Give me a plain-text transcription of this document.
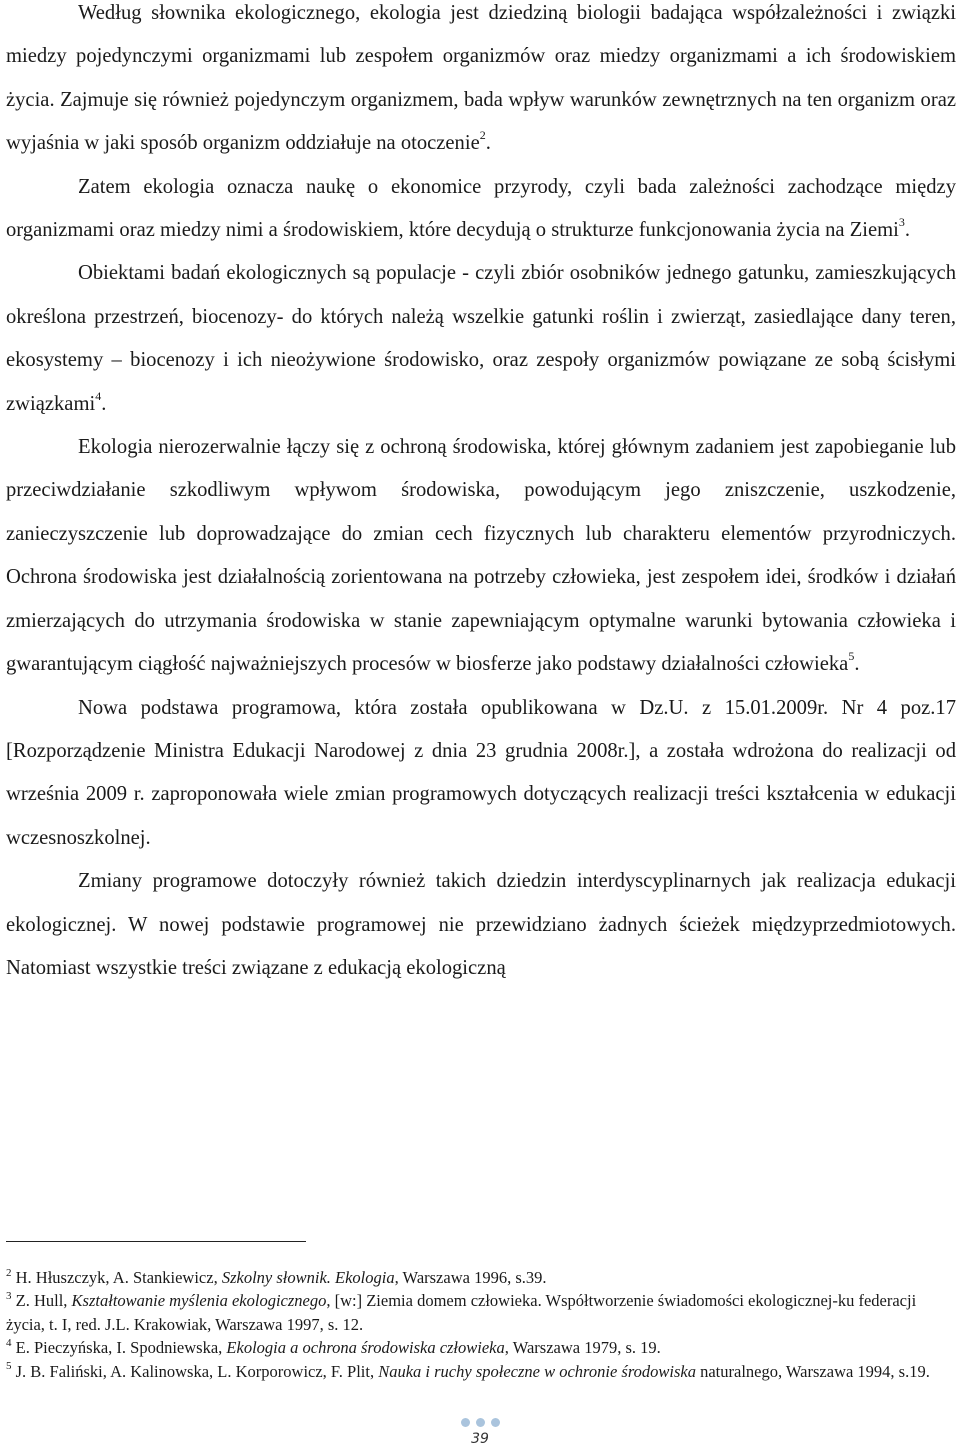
Według słownika ekologicznego, ekologia jest dziedziną biologii badająca współzależności i związki miedzy pojedynczymi organizmami lub zespołem organizmów oraz miedzy organizmami a ich środowiskiem życia. Zajmuje się również pojedynczym organizmem, bada wpływ warunków zewnętrznych na ten organizm oraz wyjaśnia w jaki sposób organizm oddziałuje na otoczenie$^2$.

Zatem ekologia oznacza naukę o ekonomice przyrody, czyli bada zależności zachodzące między organizmami oraz miedzy nimi a środowiskiem, które decydują o strukturze funkcjonowania życia na Ziemi$^3$.

Obiektami badań ekologicznych są populacje - czyli zbiór osobników jednego gatunku, zamieszkujących określona przestrzeń, biocenozy- do których należą wszelkie gatunki roślin i zwierząt, zasiedlające dany teren, ekosystemy – biocenozy i ich nieożywione środowisko, oraz zespoły organizmów powiązane ze sobą ścisłymi związkami$^4$.

Ekologia nierozerwalnie łączy się z ochroną środowiska, której głównym zadaniem jest zapobieganie lub przeciwdziałanie szkodliwym wpływom środowiska, powodującym jego zniszczenie, uszkodzenie, zanieczyszczenie lub doprowadzające do zmian cech fizycznych lub charakteru elementów przyrodniczych. Ochrona środowiska jest działalnością zorientowana na potrzeby człowieka, jest zespołem idei, środków i działań zmierzających do utrzymania środowiska w stanie zapewniającym optymalne warunki bytowania człowieka i gwarantującym ciągłość najważniejszych procesów w biosferze jako podstawy działalności człowieka$^5$.

Nowa podstawa programowa, która została opublikowana w Dz.U. z 15.01.2009r. Nr 4 poz.17 [Rozporządzenie Ministra Edukacji Narodowej z dnia 23 grudnia 2008r.], a została wdrożona do realizacji od września 2009 r. zaproponowała wiele zmian programowych dotyczących realizacji treści kształcenia w edukacji wczesnoszkolnej.

Zmiany programowe dotoczyły również takich dziedzin interdyscyplinarnych jak realizacja edukacji ekologicznej. W nowej podstawie programowej nie przewidziano żadnych ścieżek międzyprzedmiotowych. Natomiast wszystkie treści związane z edukacją ekologiczną

$^2$ H. Hłuszczyk, A. Stankiewicz, Szkolny słownik. Ekologia, Warszawa 1996, s.39.

$^3$ Z. Hull, Kształtowanie myślenia ekologicznego, [w:] Ziemia domem człowieka. Współtworzenie świadomości ekologicznej-ku federacji życia, t. I, red. J.L. Krakowiak, Warszawa 1997, s. 12.

$^4$ E. Pieczyńska, I. Spodniewska, Ekologia a ochrona środowiska człowieka, Warszawa 1979, s. 19.

$^5$ J. B. Faliński, A. Kalinowska, L. Korporowicz, F. Plit, Nauka i ruchy społeczne w ochronie środowiska naturalnego, Warszawa 1994, s.19.

39
